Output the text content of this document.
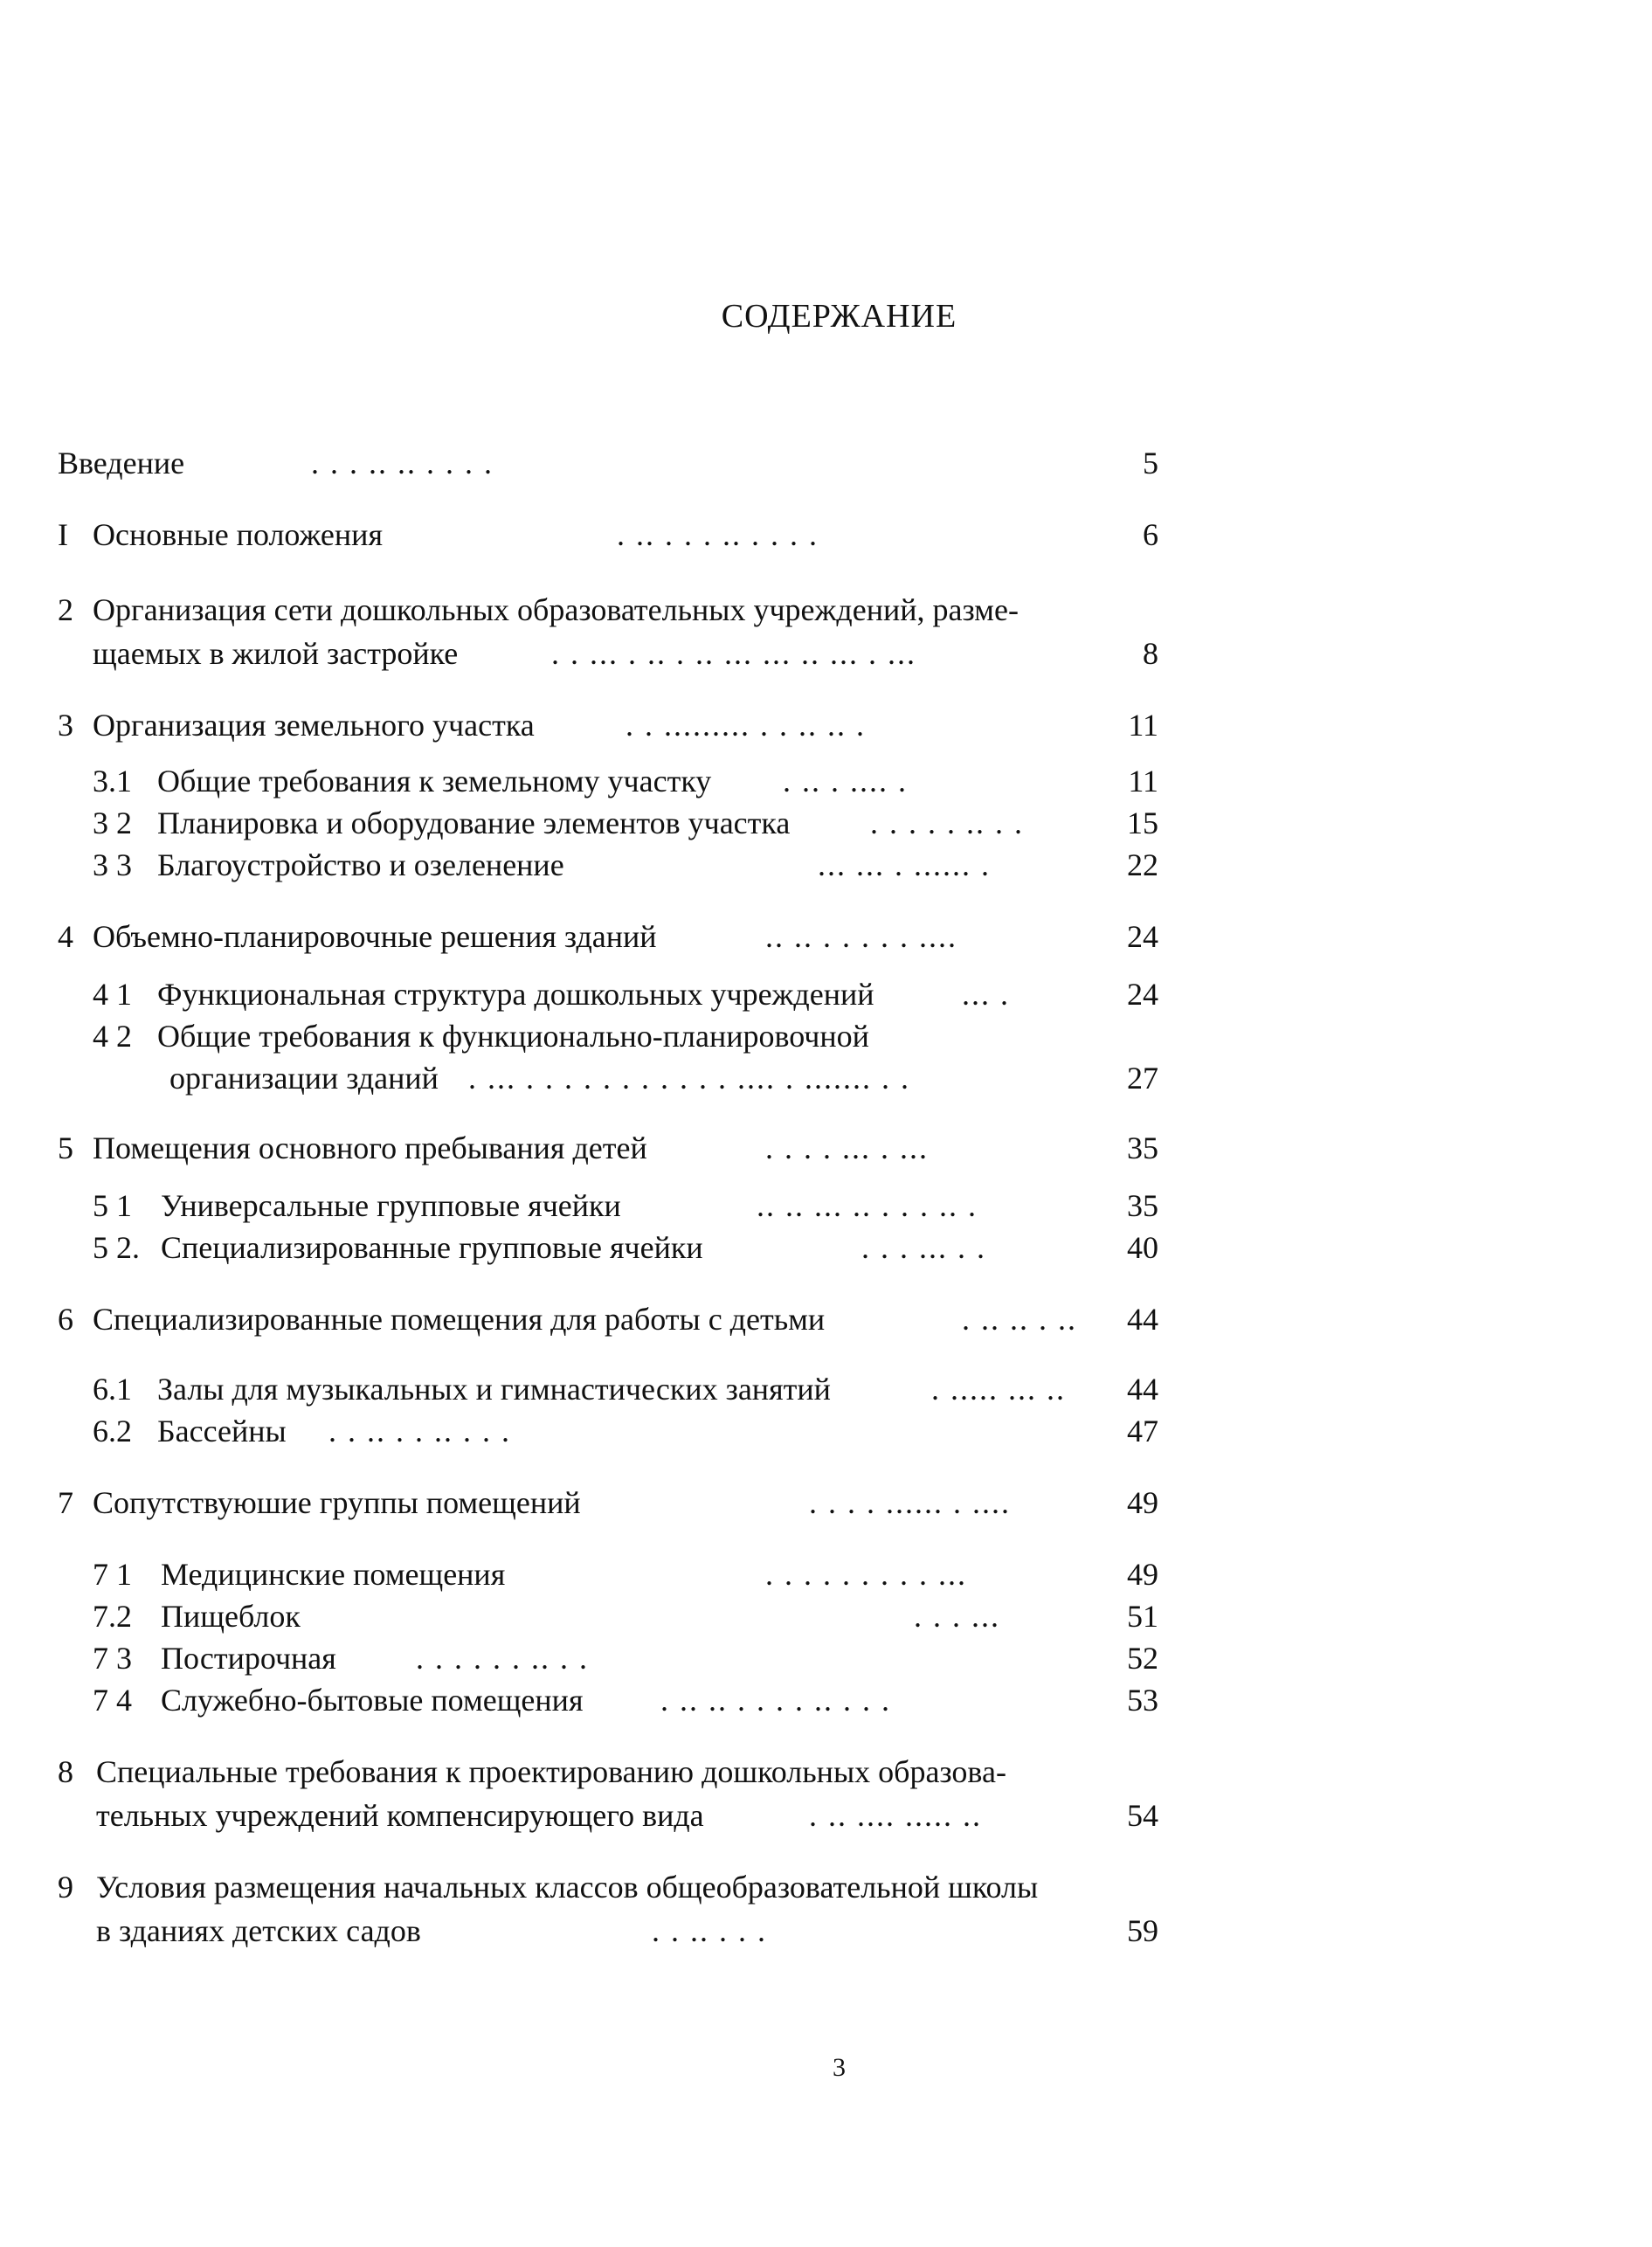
СОДЕРЖАНИЕ
Введение	. . . .. .. . . . .	5
I Основные положения	. .. . . . .. . . . .	6
2 Организация сети дошкольных образовательных учреждений, разме-
щаемых в жилой застройке	. . ... . .. . .. ... ... .. ... . ...	8
3 Организация земельного участка	. . ......... . . .. .. .	11
3.1 Общие требования к земельному участку . .. . .... .	11
3 2 Планировка и оборудование элементов участка	. . . . . .. . .	15
3 3 Благоустройство и озеленение	... ... . ...... .	22
4 Объемно-планировочные решения зданий	.. .. . . . . . ....	24
4 1 Функциональная структура дошкольных учреждений	... .	24
4 2 Общие требования к функционально-планировочной
организации зданий . ... . . . . . . . . . . . .... . ....... . .	27
5 Помещения основного пребывания детей	. . . . ... . ...	35
5 1 Универсальные групповые ячейки	.. .. ... .. . . . .. .	35
5 2. Специализированные групповые ячейки	. . . ... . .	40
6 Специализированные помещения для работы с детьми	. .. .. . .. 44
6.1 Залы для музыкальных и гимнастических занятий	. ..... ... .. 44
6.2 Бассейны . . .. . . .. . . .	47
7 Сопутствуюшие группы помещений	. . . . ...... . ....	49
7 1 Медицинские помещения	. . . . . . . . . ...	49
7.2 Пищеблок	. . . ...	51
7 3 Постирочная	. . . . . . .. . .	52
7 4 Служебно-бытовые помещения . .. .. . . . . .. . . .	53
8 Специальные требования к проектированию дошкольных образова-
тельных учреждений компенсирующего вида	. .. .... ..... ..	54
9 Условия размещения начальных классов общеобразовательной школы
в зданиях детских садов	. . .. . . .	59
3
